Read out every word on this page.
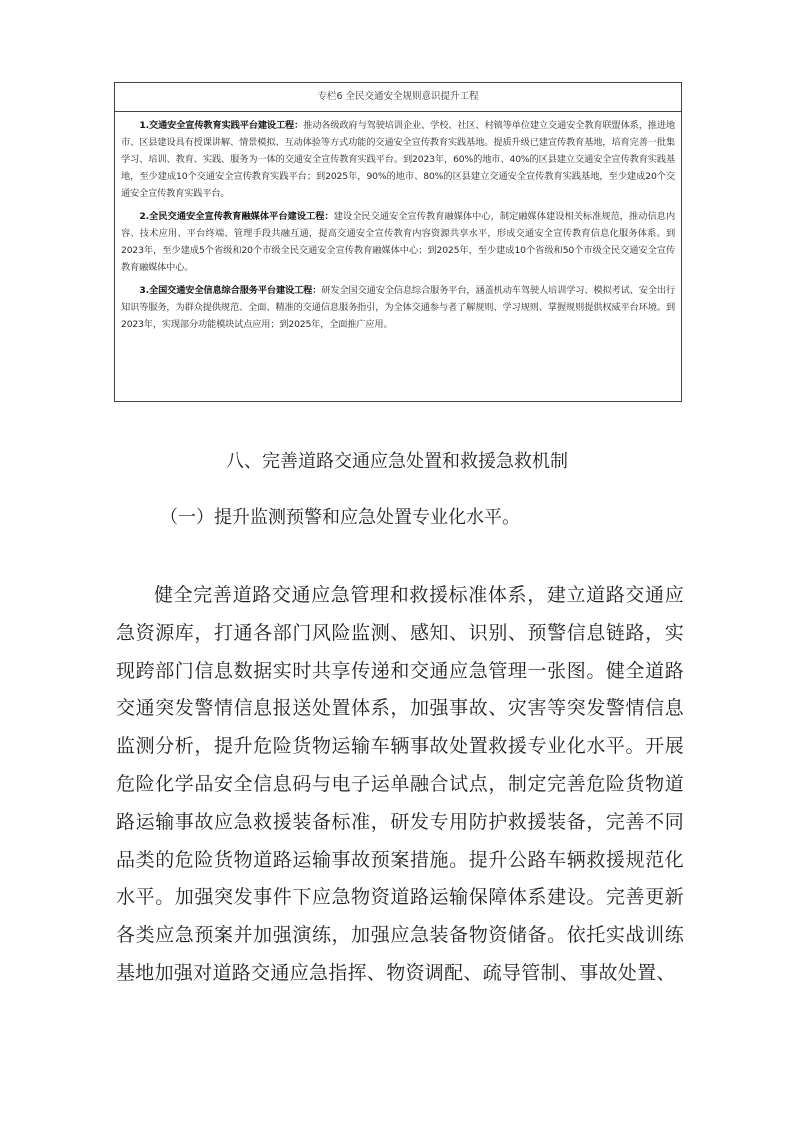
专栏6 全民交通安全规则意识提升工程

1.交通安全宣传教育实践平台建设工程：推动各级政府与驾驶培训企业、学校、社区、村镇等单位建立交通安全教育联盟体系，推进地市、区县建设具有授课讲解、情景模拟、互动体验等方式功能的交通安全宣传教育实践基地。提质升级已建宣传教育基地，培育完善一批集学习、培训、教育、实践、服务为一体的交通安全宣传教育实践平台。到2023年，60%的地市、40%的区县建立交通安全宣传教育实践基地，至少建成10个交通安全宣传教育实践平台；到2025年，90%的地市、80%的区县建立交通安全宣传教育实践基地，至少建成20个交通安全宣传教育实践平台。

2.全民交通安全宣传教育融媒体平台建设工程：建设全民交通安全宣传教育融媒体中心，制定融媒体建设相关标准规范，推动信息内容、技术应用、平台终端、管理手段共融互通，提高交通安全宣传教育内容资源共享水平，形成交通安全宣传教育信息化服务体系。到2023年，至少建成5个省级和20个市级全民交通安全宣传教育融媒体中心；到2025年，至少建成10个省级和50个市级全民交通安全宣传教育融媒体中心。

3.全国交通安全信息综合服务平台建设工程：研发全国交通安全信息综合服务平台，涵盖机动车驾驶人培训学习、模拟考试、安全出行知识等服务，为群众提供规范、全面、精准的交通信息服务指引，为全体交通参与者了解规则、学习规则、掌握规则提供权威平台环境。到2023年，实现部分功能模块试点应用；到2025年，全面推广应用。

八、完善道路交通应急处置和救援急救机制
（一）提升监测预警和应急处置专业化水平。

健全完善道路交通应急管理和救援标准体系，建立道路交通应急资源库，打通各部门风险监测、感知、识别、预警信息链路，实现跨部门信息数据实时共享传递和交通应急管理一张图。健全道路交通突发警情信息报送处置体系，加强事故、灾害等突发警情信息监测分析，提升危险货物运输车辆事故处置救援专业化水平。开展危险化学品安全信息码与电子运单融合试点，制定完善危险货物道路运输事故应急救援装备标准，研发专用防护救援装备，完善不同品类的危险货物道路运输事故预案措施。提升公路车辆救援规范化水平。加强突发事件下应急物资道路运输保障体系建设。完善更新各类应急预案并加强演练，加强应急装备物资储备。依托实战训练基地加强对道路交通应急指挥、物资调配、疏导管制、事故处置、
